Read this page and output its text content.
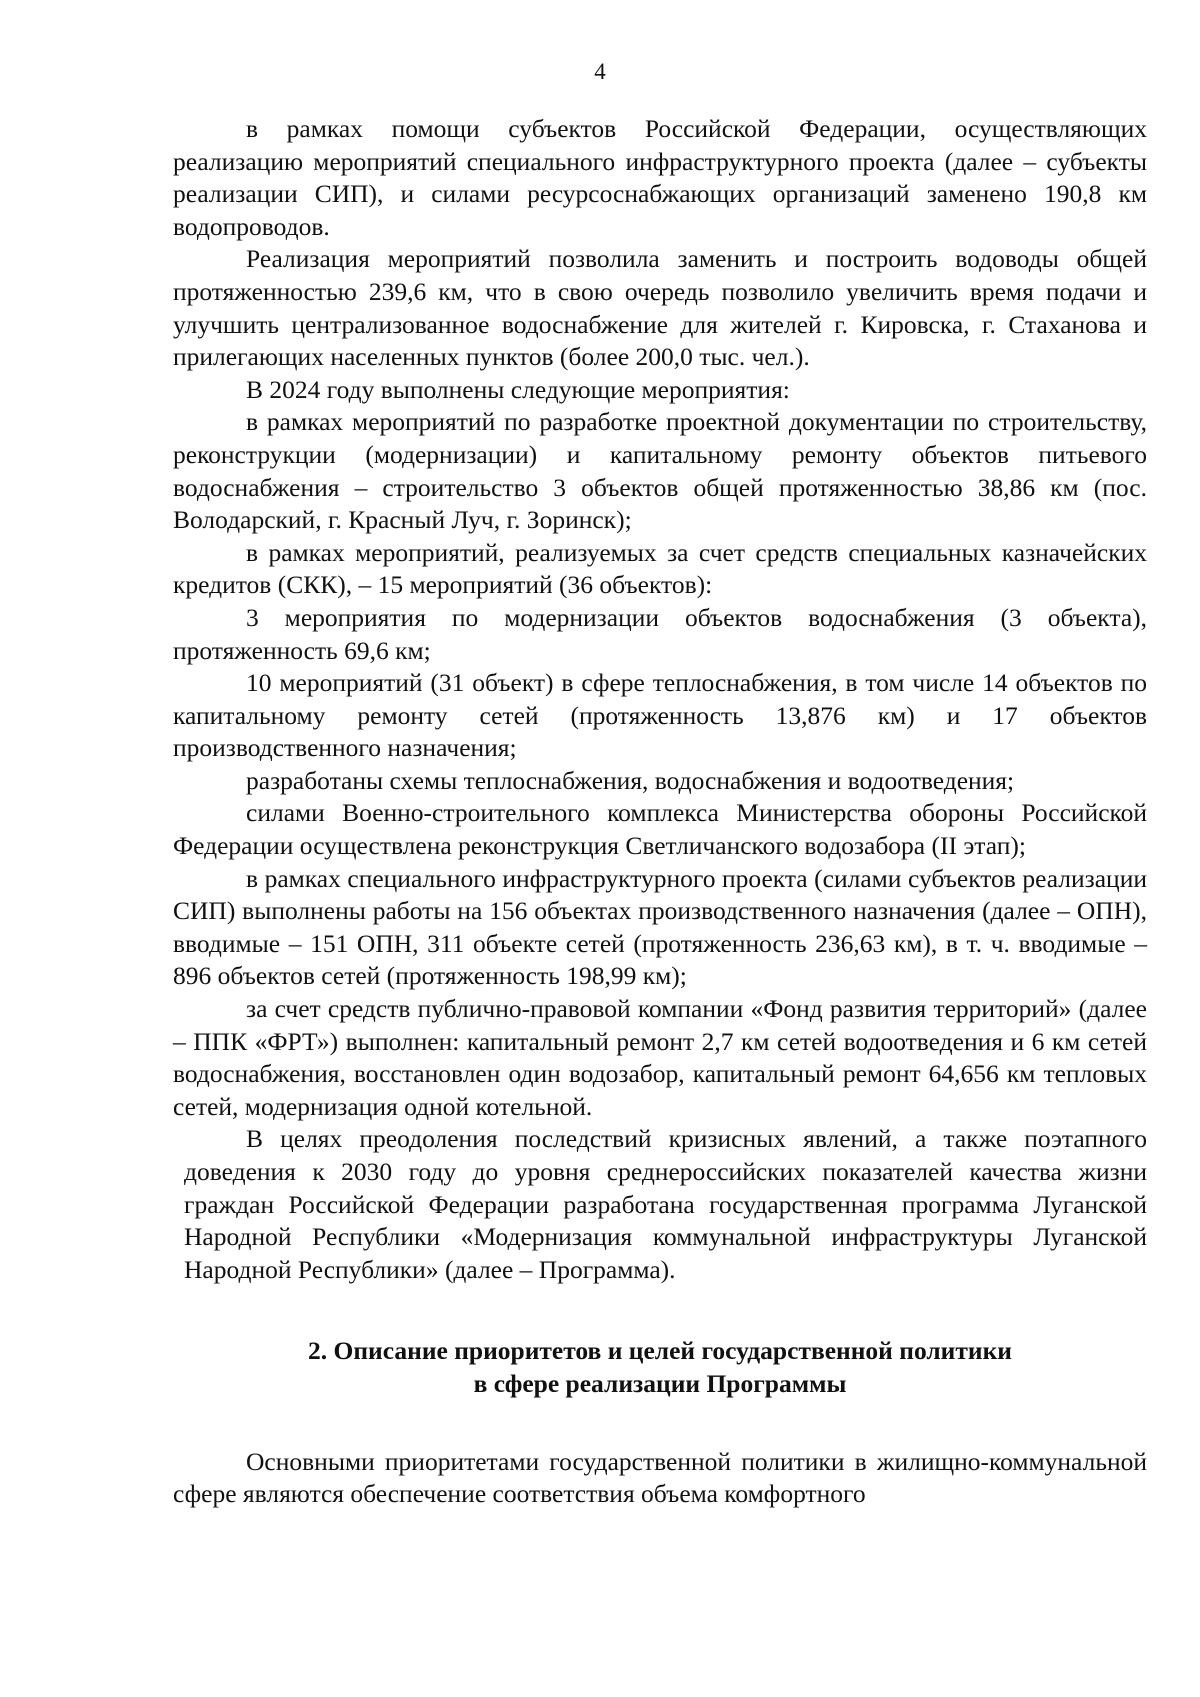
4

в рамках помощи субъектов Российской Федерации, осуществляющих реализацию мероприятий специального инфраструктурного проекта (далее – субъекты реализации СИП), и силами ресурсоснабжающих организаций заменено 190,8 км водопроводов.

Реализация мероприятий позволила заменить и построить водоводы общей протяженностью 239,6 км, что в свою очередь позволило увеличить время подачи и улучшить централизованное водоснабжение для жителей г. Кировска, г. Стаханова и прилегающих населенных пунктов (более 200,0 тыс. чел.).

В 2024 году выполнены следующие мероприятия:

в рамках мероприятий по разработке проектной документации по строительству, реконструкции (модернизации) и капитальному ремонту объектов питьевого водоснабжения – строительство 3 объектов общей протяженностью 38,86 км (пос. Володарский, г. Красный Луч, г. Зоринск);

в рамках мероприятий, реализуемых за счет средств специальных казначейских кредитов (СКК), – 15 мероприятий (36 объектов):

3 мероприятия по модернизации объектов водоснабжения (3 объекта), протяженность 69,6 км;

10 мероприятий (31 объект) в сфере теплоснабжения, в том числе 14 объектов по капитальному ремонту сетей (протяженность 13,876 км) и 17 объектов производственного назначения;

разработаны схемы теплоснабжения, водоснабжения и водоотведения;

силами Военно-строительного комплекса Министерства обороны Российской Федерации осуществлена реконструкция Светличанского водозабора (II этап);

в рамках специального инфраструктурного проекта (силами субъектов реализации СИП) выполнены работы на 156 объектах производственного назначения (далее – ОПН), вводимые – 151 ОПН, 311 объекте сетей (протяженность 236,63 км), в т. ч. вводимые – 896 объектов сетей (протяженность 198,99 км);

за счет средств публично-правовой компании «Фонд развития территорий» (далее – ППК «ФРТ») выполнен: капитальный ремонт 2,7 км сетей водоотведения и 6 км сетей водоснабжения, восстановлен один водозабор, капитальный ремонт 64,656 км тепловых сетей, модернизация одной котельной.

В целях преодоления последствий кризисных явлений, а также поэтапного доведения к 2030 году до уровня среднероссийских показателей качества жизни граждан Российской Федерации разработана государственная программа Луганской Народной Республики «Модернизация коммунальной инфраструктуры Луганской Народной Республики» (далее – Программа).

2. Описание приоритетов и целей государственной политики
в сфере реализации Программы

Основными приоритетами государственной политики в жилищно-коммунальной сфере являются обеспечение соответствия объема комфортного
